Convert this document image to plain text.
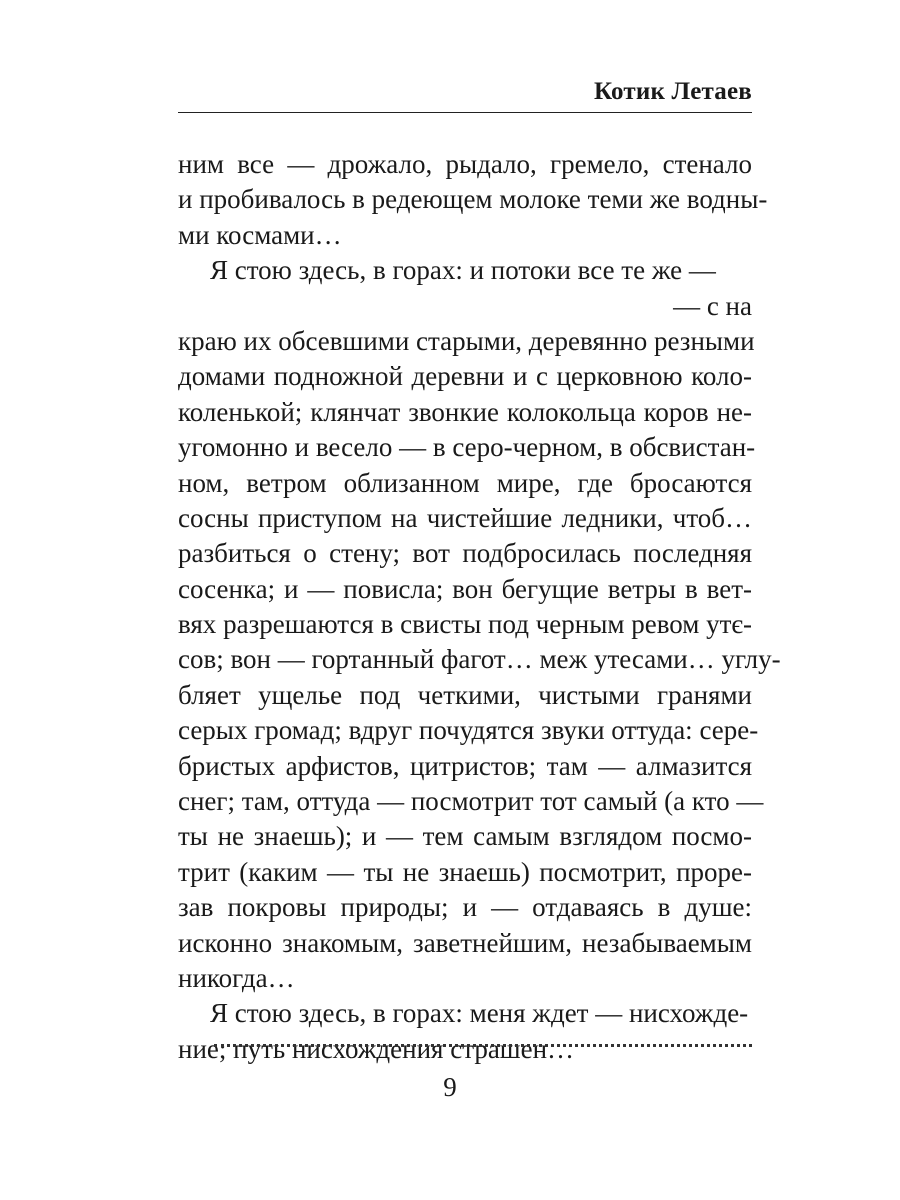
Котик Летаев
ним все — дрожало, рыдало, гремело, стенало
и пробивалось в редеющем молоке теми же водны-
ми космами…
Я стою здесь, в горах: и потоки все те же —
— с на
краю их обсевшими старыми, деревянно резными
домами подножной деревни и с церковною коло-
коленькой; клянчат звонкие колокольца коров не-
угомонно и весело — в серо-черном, в обсвистан-
ном, ветром облизанном мире, где бросаются
сосны приступом на чистейшие ледники, чтоб…
разбиться о стену; вот подбросилась последняя
сосенка; и — повисла; вон бегущие ветры в вет-
вях разрешаются в свисты под черным ревом утє-
сов; вон — гортанный фагот… меж утесами… углу-
бляет ущелье под четкими, чистыми гранями
серых громад; вдруг почудятся звуки оттуда: сере-
бристых арфистов, цитристов; там — алмазится
снег; там, оттуда — посмотрит тот самый (а кто —
ты не знаешь); и — тем самым взглядом посмо-
трит (каким — ты не знаешь) посмотрит, проре-
зав покровы природы; и — отдаваясь в душе:
исконно знакомым, заветнейшим, незабываемым
никогда…
Я стою здесь, в горах: меня ждет — нисхожде-
ние; путь нисхождения страшен…
9
